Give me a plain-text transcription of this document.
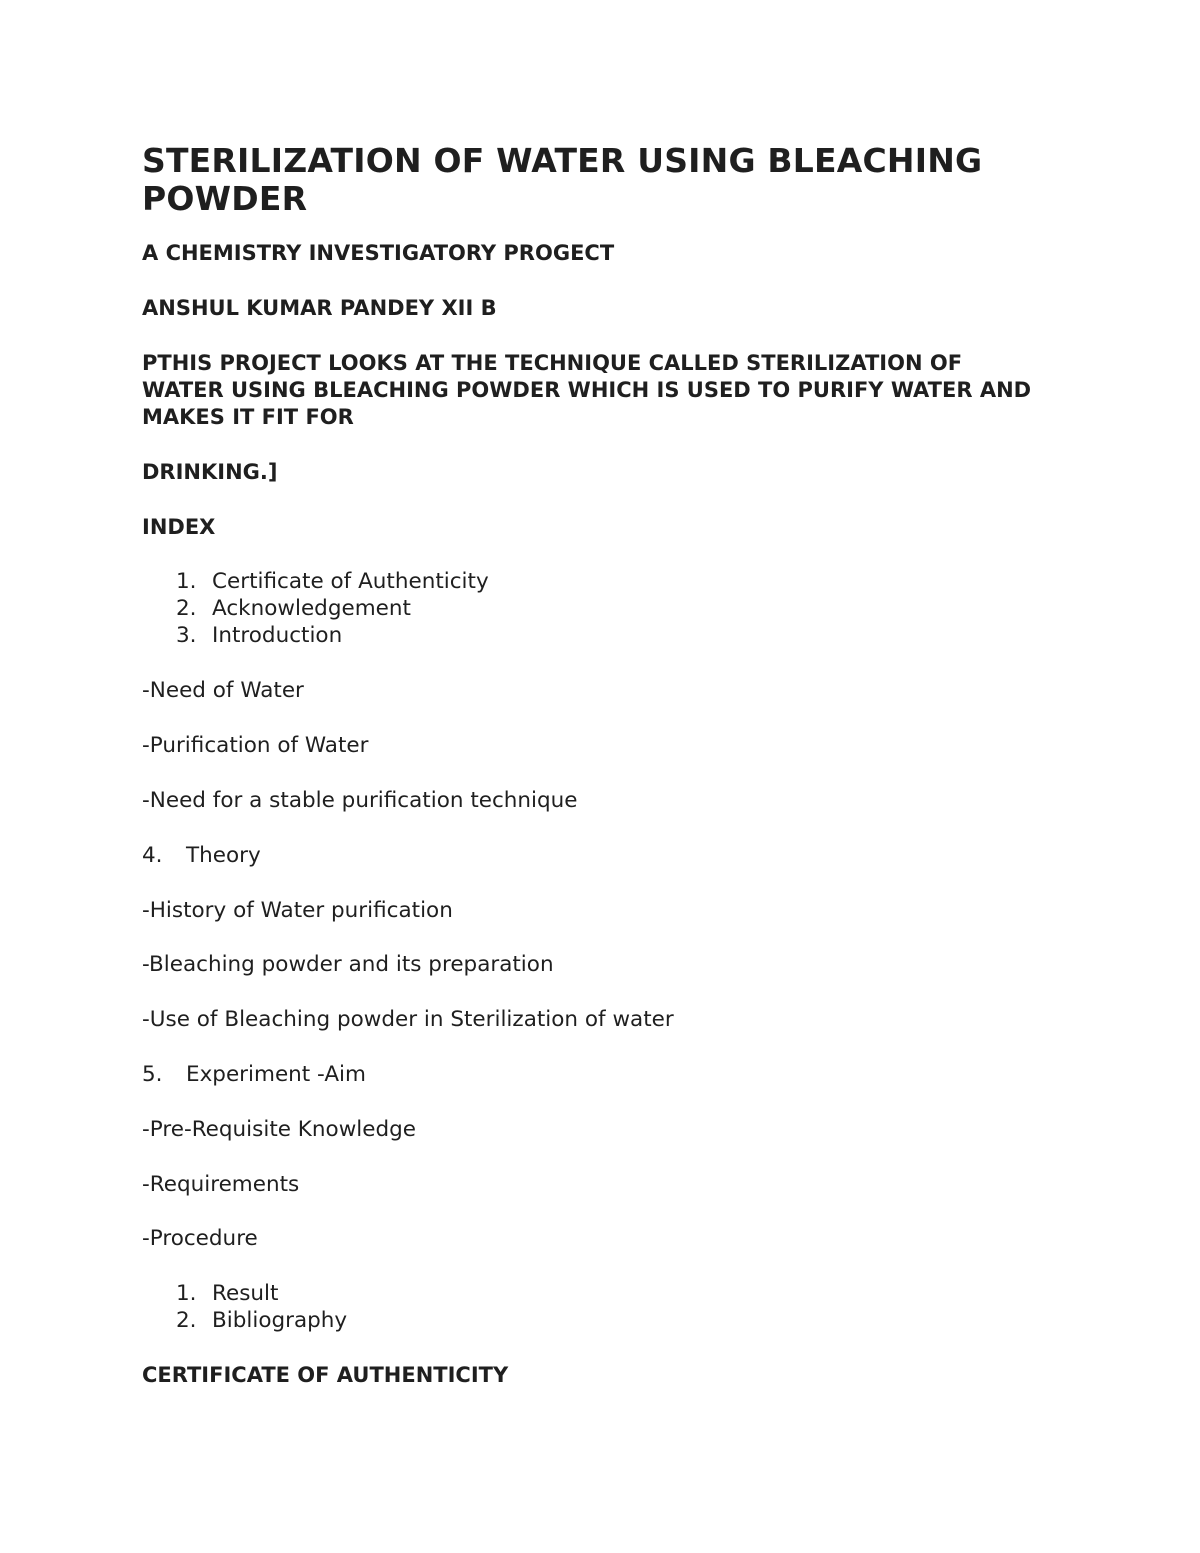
STERILIZATION OF WATER USING BLEACHING POWDER
A CHEMISTRY INVESTIGATORY PROGECT
ANSHUL KUMAR PANDEY XII B
PTHIS PROJECT LOOKS AT THE TECHNIQUE CALLED STERILIZATION OF WATER USING BLEACHING POWDER WHICH IS USED TO PURIFY WATER AND MAKES IT FIT FOR
DRINKING.]
INDEX
1. Certificate of Authenticity
2. Acknowledgement
3. Introduction
-Need of Water
-Purification of Water
-Need for a stable purification technique
4. Theory
-History of Water purification
-Bleaching powder and its preparation
-Use of Bleaching powder in Sterilization of water
5. Experiment -Aim
-Pre-Requisite Knowledge
-Requirements
-Procedure
1. Result
2. Bibliography
CERTIFICATE OF AUTHENTICITY
